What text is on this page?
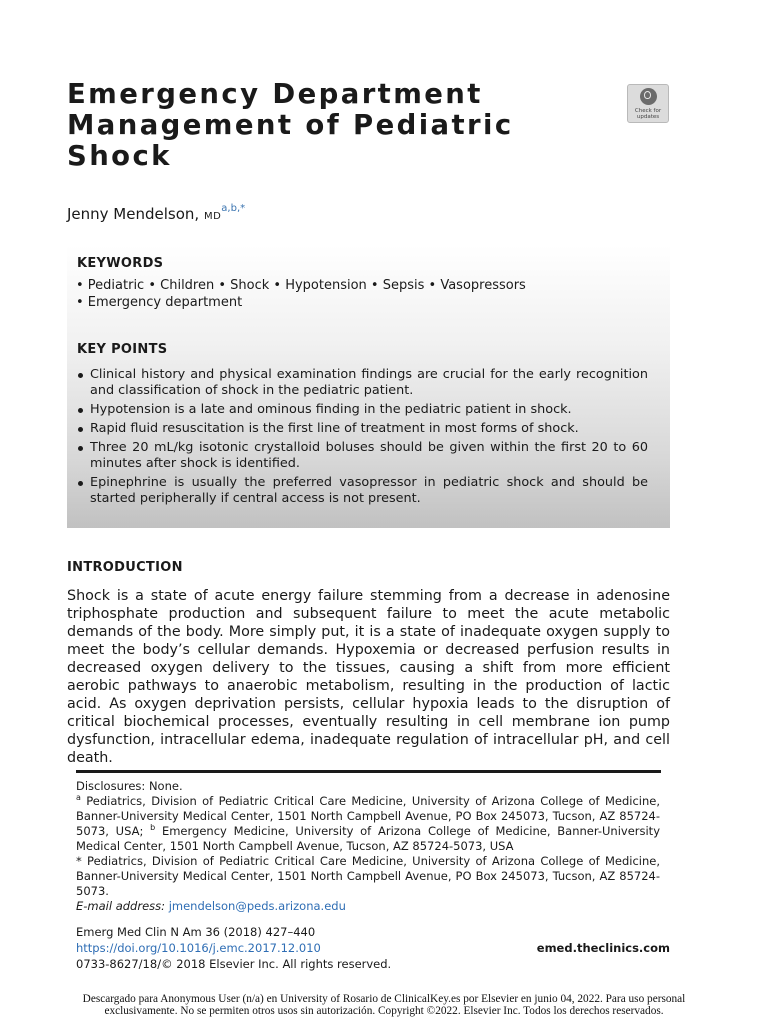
Emergency Department
Management of Pediatric
Shock
Check for
updates
Jenny Mendelson, $MD^{a,b,*}$
KEYWORDS
• Pediatric • Children • Shock • Hypotension • Sepsis • Vasopressors
• Emergency department
KEY POINTS
Clinical history and physical examination findings are crucial for the early recognition and classification of shock in the pediatric patient.
Hypotension is a late and ominous finding in the pediatric patient in shock.
Rapid fluid resuscitation is the first line of treatment in most forms of shock.
Three 20 mL/kg isotonic crystalloid boluses should be given within the first 20 to 60 minutes after shock is identified.
Epinephrine is usually the preferred vasopressor in pediatric shock and should be started peripherally if central access is not present.
INTRODUCTION

Shock is a state of acute energy failure stemming from a decrease in adenosine triphosphate production and subsequent failure to meet the acute metabolic demands of the body. More simply put, it is a state of inadequate oxygen supply to meet the body’s cellular demands. Hypoxemia or decreased perfusion results in decreased oxygen delivery to the tissues, causing a shift from more efficient aerobic pathways to anaerobic metabolism, resulting in the production of lactic acid. As oxygen deprivation persists, cellular hypoxia leads to the disruption of critical biochemical processes, eventually resulting in cell membrane ion pump dysfunction, intracellular edema, inadequate regulation of intracellular pH, and cell death.

Disclosures: None.

$^a$ Pediatrics, Division of Pediatric Critical Care Medicine, University of Arizona College of Medicine, Banner-University Medical Center, 1501 North Campbell Avenue, PO Box 245073, Tucson, AZ 85724-5073, USA; $^b$ Emergency Medicine, University of Arizona College of Medicine, Banner-University Medical Center, 1501 North Campbell Avenue, Tucson, AZ 85724-5073, USA

* Pediatrics, Division of Pediatric Critical Care Medicine, University of Arizona College of Medicine, Banner-University Medical Center, 1501 North Campbell Avenue, PO Box 245073, Tucson, AZ 85724-5073.

E-mail address: jmendelson@peds.arizona.edu

Emerg Med Clin N Am 36 (2018) 427–440
https://doi.org/10.1016/j.emc.2017.12.010
0733-8627/18/© 2018 Elsevier Inc. All rights reserved.
emed.theclinics.com
Descargado para Anonymous User (n/a) en University of Rosario de ClinicalKey.es por Elsevier en junio 04, 2022. Para uso personal
exclusivamente. No se permiten otros usos sin autorización. Copyright ©2022. Elsevier Inc. Todos los derechos reservados.
